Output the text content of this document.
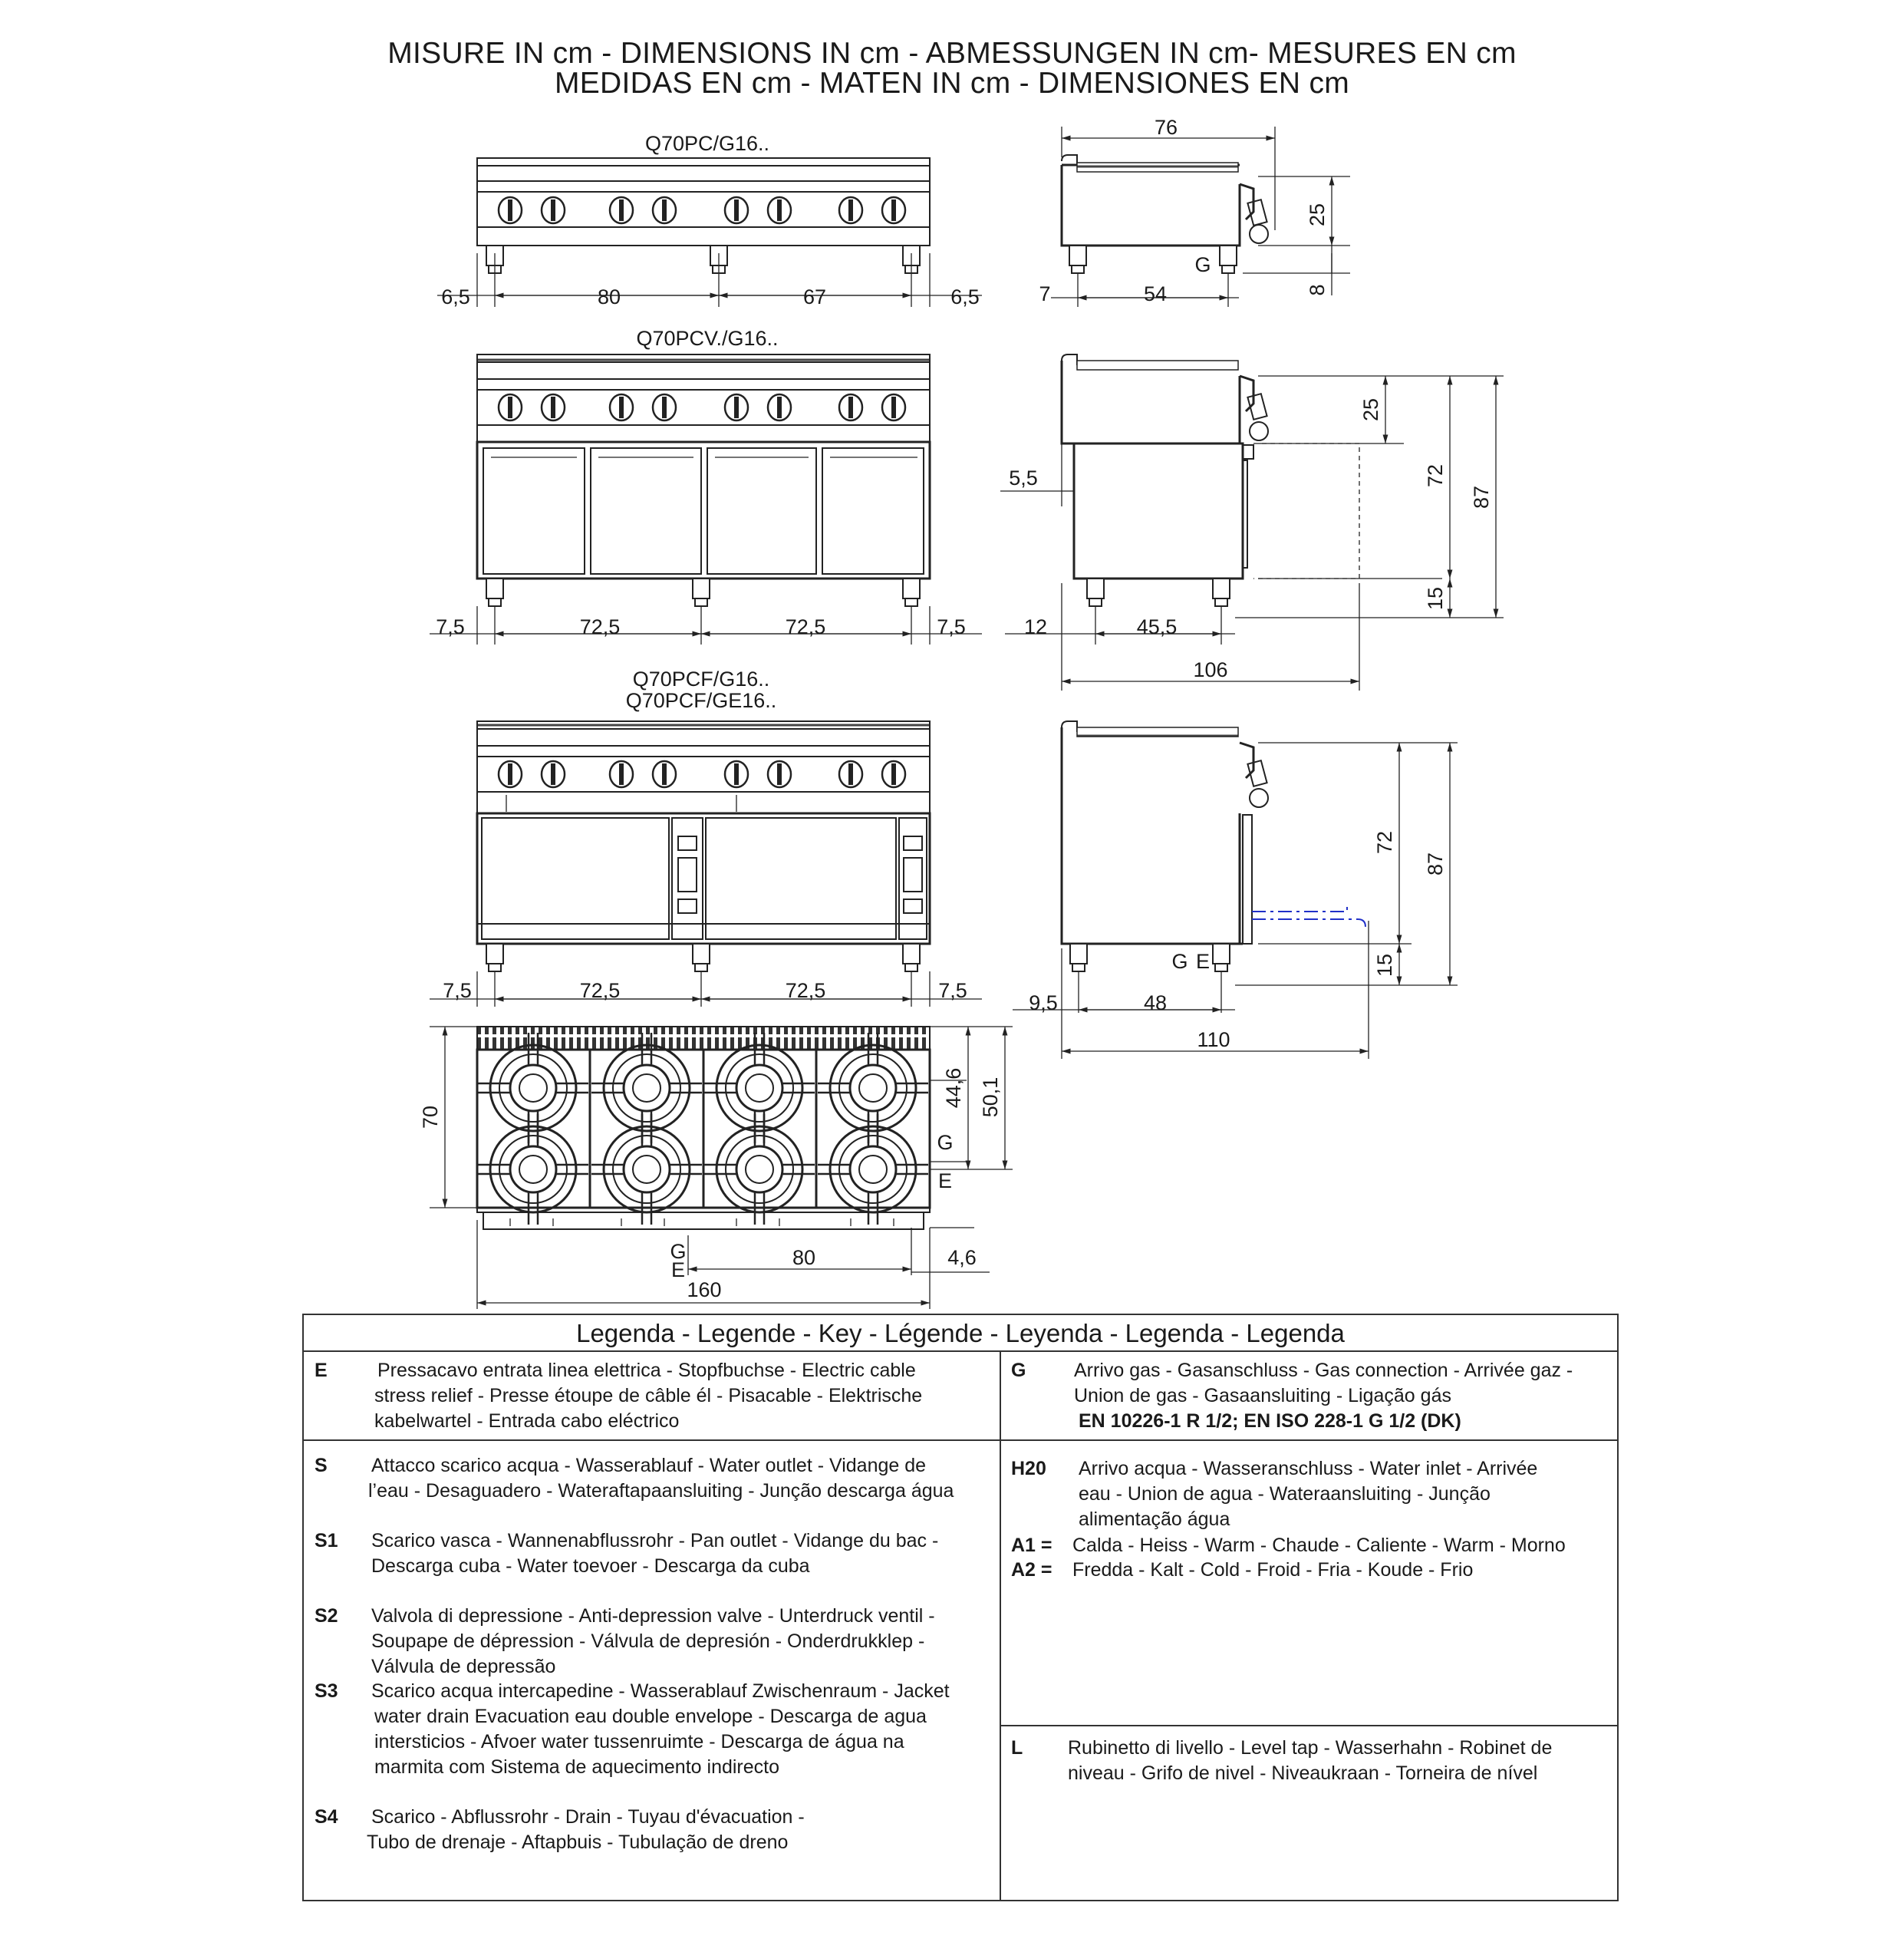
MISURE IN cm - DIMENSIONS IN cm - ABMESSUNGEN IN cm- MESURES EN cm
MEDIDAS EN cm - MATEN IN cm - DIMENSIONES EN cm
Q70PC/G16..
6,5	80	67	6,5
G
76
25
8
7	54
Q70PCV./G16..
7,5	72,5	72,5	7,5
25
72
15
87
5,5
12	45,5
106
Q70PCF/G16..
Q70PCF/GE16..
7,5	72,5	72,5	7,5
G E
72
15
87
9,5	48
110
G
E
70
44,6 50,1
G
E
80	4,6
160
Legenda - Legende - Key - Légende - Leyenda - Legenda - Legenda
E	Pressacavo entrata linea elettrica - Stopfbuchse - Electric cable
stress relief - Presse étoupe de câble él - Pisacable - Elektrische
kabelwartel - Entrada cabo eléctrico
G	Arrivo gas - Gasanschluss - Gas connection - Arrivée gaz -
Union de gas - Gasaansluiting - Ligação gás
EN 10226-1 R 1/2; EN ISO 228-1 G 1/2 (DK)
S Attacco scarico acqua - Wasserablauf - Water outlet - Vidange de
l’eau - Desaguadero - Wateraftapaansluiting - Junção descarga água
S1 Scarico vasca - Wannenabflussrohr - Pan outlet - Vidange du bac -
Descarga cuba - Water toevoer - Descarga da cuba
S2 Valvola di depressione - Anti-depression valve - Unterdruck ventil -
Soupape de dépression - Válvula de depresión - Onderdrukklep -
Válvula de depressão
S3 Scarico acqua intercapedine - Wasserablauf Zwischenraum - Jacket
water drain Evacuation eau double envelope - Descarga de agua
intersticios - Afvoer water tussenruimte - Descarga de água na
marmita com Sistema de aquecimento indirecto
S4 Scarico - Abflussrohr - Drain - Tuyau d'évacuation -
Tubo de drenaje - Aftapbuis - Tubulação de dreno
H20 Arrivo acqua - Wasseranschluss - Water inlet - Arrivée
eau - Union de agua - Wateraansluiting - Junção
alimentação água
A1 = Calda - Heiss - Warm - Chaude - Caliente - Warm - Morno
A2 = Fredda - Kalt - Cold - Froid - Fria - Koude - Frio
L Rubinetto di livello - Level tap - Wasserhahn - Robinet de
niveau - Grifo de nivel - Niveaukraan - Torneira de nível
